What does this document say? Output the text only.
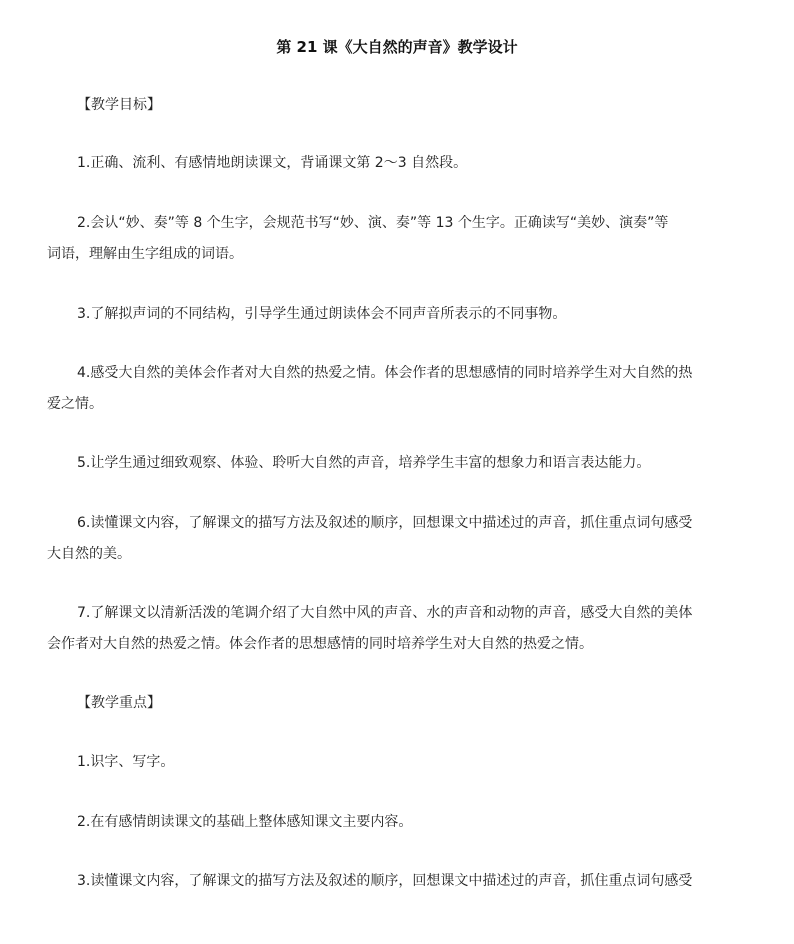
第 21 课《大自然的声音》教学设计
【教学目标】
1.正确、流利、有感情地朗读课文，背诵课文第 2～3 自然段。
2.会认“妙、奏”等 8 个生字，会规范书写“妙、演、奏”等 13 个生字。正确读写“美妙、演奏”等
词语，理解由生字组成的词语。
3.了解拟声词的不同结构，引导学生通过朗读体会不同声音所表示的不同事物。
4.感受大自然的美体会作者对大自然的热爱之情。体会作者的思想感情的同时培养学生对大自然的热
爱之情。
5.让学生通过细致观察、体验、聆听大自然的声音，培养学生丰富的想象力和语言表达能力。
6.读懂课文内容，了解课文的描写方法及叙述的顺序，回想课文中描述过的声音，抓住重点词句感受
大自然的美。
7.了解课文以清新活泼的笔调介绍了大自然中风的声音、水的声音和动物的声音，感受大自然的美体
会作者对大自然的热爱之情。体会作者的思想感情的同时培养学生对大自然的热爱之情。
【教学重点】
1.识字、写字。
2.在有感情朗读课文的基础上整体感知课文主要内容。
3.读懂课文内容，了解课文的描写方法及叙述的顺序，回想课文中描述过的声音，抓住重点词句感受
